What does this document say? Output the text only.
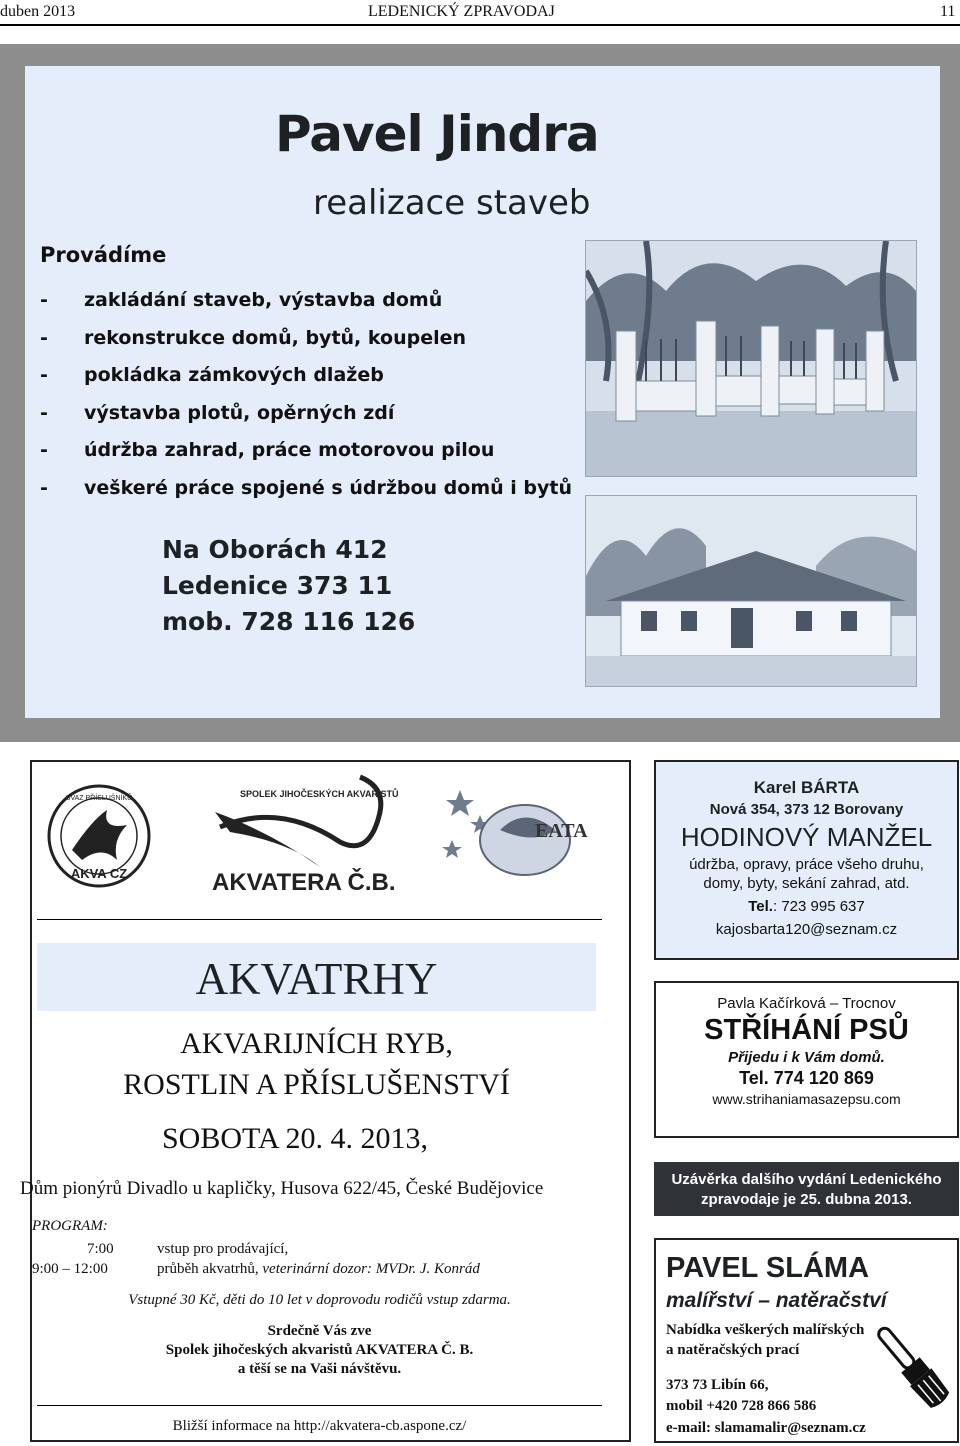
duben 2013	LEDENICKÝ ZPRAVODAJ	11
Pavel Jindra
realizace staveb
Provádíme
- zakládání staveb, výstavba domů
- rekonstrukce domů, bytů, koupelen
- pokládka zámkových dlažeb
- výstavba plotů, opěrných zdí
- údržba zahrad, práce motorovou pilou
- veškeré práce spojené s údržbou domů i bytů
Na Oborách 412
Ledenice 373 11
mob. 728 116 126
AKVA CZ
SVAZ PŘÍSLUŠNÍKŮ	SPOLEK JIHOČESKÝCH AKVARISTŮ
AKVATERA Č.B.
EATA
AKVATRHY
AKVARIJNÍCH RYB,
ROSTLIN A PŘÍSLUŠENSTVÍ
SOBOTA 20. 4. 2013,
Dům pionýrů Divadlo u kapličky, Husova 622/45, České Budějovice
PROGRAM:
7:00	vstup pro prodávající,
9:00 – 12:00	průběh akvatrhů, veterinární dozor: MVDr. J. Konrád
Vstupné 30 Kč, děti do 10 let v doprovodu rodičů vstup zdarma.
Srdečně Vás zve
Spolek jihočeských akvaristů AKVATERA Č. B.
a těší se na Vaši návštěvu.
Bližší informace na http://akvatera-cb.aspone.cz/
Karel BÁRTA
Nová 354, 373 12 Borovany
HODINOVÝ MANŽEL
údržba, opravy, práce všeho druhu,
domy, byty, sekání zahrad, atd.
Tel.: 723 995 637
kajosbarta120@seznam.cz
Pavla Kačírková – Trocnov
STŘÍHÁNÍ PSŮ
Přijedu i k Vám domů.
Tel. 774 120 869
www.strihaniamasazepsu.com
Uzávěrka dalšího vydání Ledenického
zpravodaje je 25. dubna 2013.
PAVEL SLÁMA
malířství – natěračství
Nabídka veškerých malířských
a natěračských prací
373 73 Libín 66,
mobil +420 728 866 586
e-mail: slamamalir@seznam.cz
